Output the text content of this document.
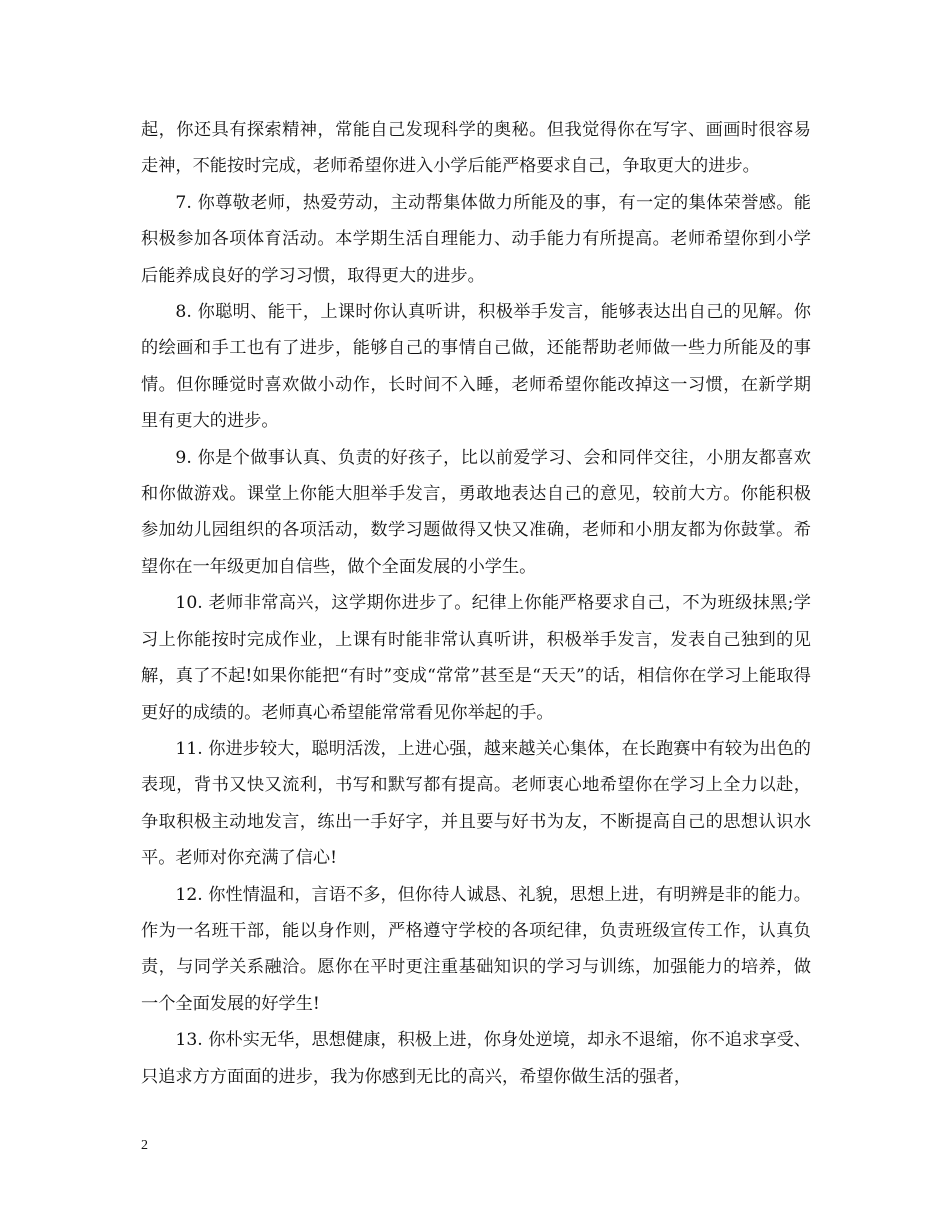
起，你还具有探索精神，常能自己发现科学的奥秘。但我觉得你在写字、画画时很容易走神，不能按时完成，老师希望你进入小学后能严格要求自己，争取更大的进步。

7. 你尊敬老师，热爱劳动，主动帮集体做力所能及的事，有一定的集体荣誉感。能积极参加各项体育活动。本学期生活自理能力、动手能力有所提高。老师希望你到小学后能养成良好的学习习惯，取得更大的进步。

8. 你聪明、能干，上课时你认真听讲，积极举手发言，能够表达出自己的见解。你的绘画和手工也有了进步，能够自己的事情自己做，还能帮助老师做一些力所能及的事情。但你睡觉时喜欢做小动作，长时间不入睡，老师希望你能改掉这一习惯，在新学期里有更大的进步。

9. 你是个做事认真、负责的好孩子，比以前爱学习、会和同伴交往，小朋友都喜欢和你做游戏。课堂上你能大胆举手发言，勇敢地表达自己的意见，较前大方。你能积极参加幼儿园组织的各项活动，数学习题做得又快又准确，老师和小朋友都为你鼓掌。希望你在一年级更加自信些，做个全面发展的小学生。

10. 老师非常高兴，这学期你进步了。纪律上你能严格要求自己，不为班级抹黑;学习上你能按时完成作业，上课有时能非常认真听讲，积极举手发言，发表自己独到的见解，真了不起!如果你能把“有时”变成“常常”甚至是“天天”的话，相信你在学习上能取得更好的成绩的。老师真心希望能常常看见你举起的手。

11. 你进步较大，聪明活泼，上进心强，越来越关心集体，在长跑赛中有较为出色的表现，背书又快又流利，书写和默写都有提高。老师衷心地希望你在学习上全力以赴，争取积极主动地发言，练出一手好字，并且要与好书为友，不断提高自己的思想认识水平。老师对你充满了信心!

12. 你性情温和，言语不多，但你待人诚恳、礼貌，思想上进，有明辨是非的能力。作为一名班干部，能以身作则，严格遵守学校的各项纪律，负责班级宣传工作，认真负责，与同学关系融洽。愿你在平时更注重基础知识的学习与训练，加强能力的培养，做一个全面发展的好学生!

13. 你朴实无华，思想健康，积极上进，你身处逆境，却永不退缩，你不追求享受、只追求方方面面的进步，我为你感到无比的高兴，希望你做生活的强者，

2
